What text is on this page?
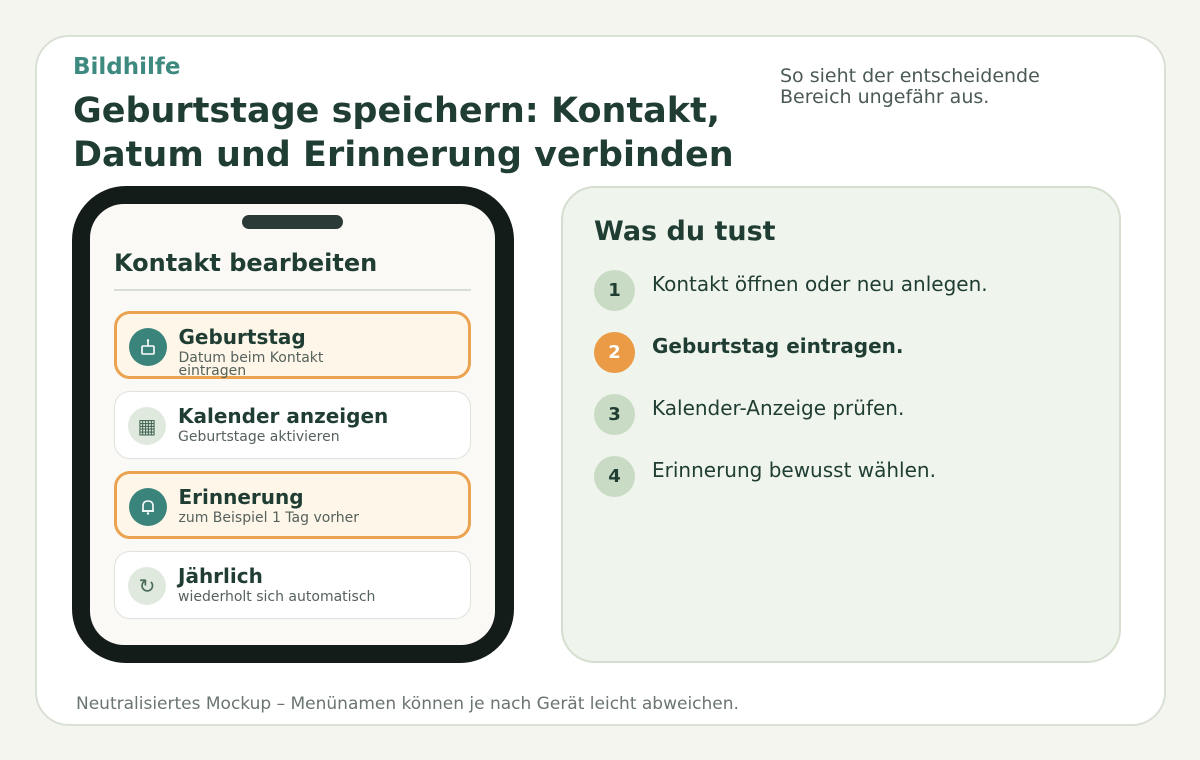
Bildhilfe
Geburtstage speichern: Kontakt, Datum und Erinnerung verbinden
So sieht der entscheidende Bereich ungefähr aus.
Kontakt bearbeiten
Geburtstag
Datum beim Kontakt eintragen
▦	Kalender anzeigen
Geburtstage aktivieren
Erinnerung
zum Beispiel 1 Tag vorher
↻	Jährlich
wiederholt sich automatisch
Was du tust
1	Kontakt öffnen oder neu anlegen.
2	Geburtstag eintragen.
3	Kalender-Anzeige prüfen.
4	Erinnerung bewusst wählen.
Neutralisiertes Mockup – Menünamen können je nach Gerät leicht abweichen.
